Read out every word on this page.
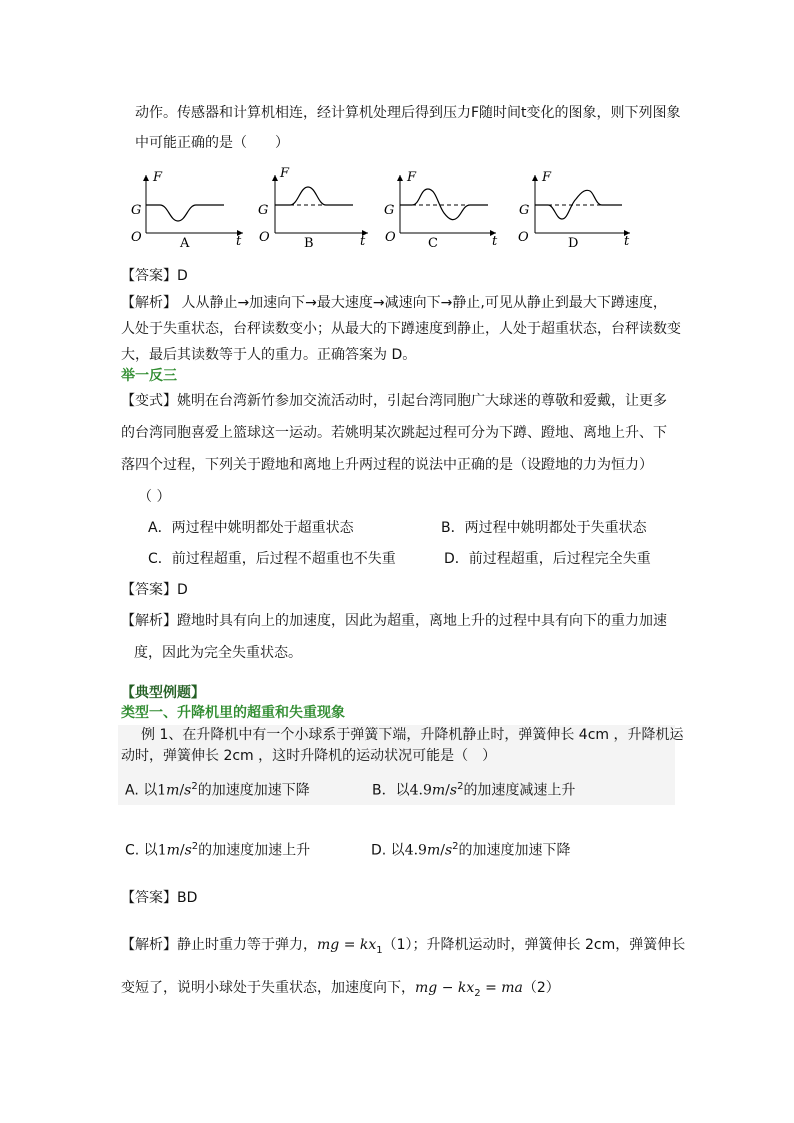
动作。传感器和计算机相连，经计算机处理后得到压力F随时间t变化的图象，则下列图象
中可能正确的是（　　）
F
G
O	t
A
F
G
O	t
B
F
G
O	t
C
F
G
O	t
D
【答案】D
【解析】 人从静止→加速向下→最大速度→减速向下→静止,可见从静止到最大下蹲速度，
人处于失重状态，台秤读数变小；从最大的下蹲速度到静止，人处于超重状态，台秤读数变
大，最后其读数等于人的重力。正确答案为 D。
举一反三
【变式】姚明在台湾新竹参加交流活动时，引起台湾同胞广大球迷的尊敬和爱戴，让更多
的台湾同胞喜爱上篮球这一运动。若姚明某次跳起过程可分为下蹲、蹬地、离地上升、下
落四个过程，下列关于蹬地和离地上升两过程的说法中正确的是（设蹬地的力为恒力）
（ ）
A．两过程中姚明都处于超重状态	B．两过程中姚明都处于失重状态
C．前过程超重，后过程不超重也不失重	D．前过程超重，后过程完全失重
【答案】D
【解析】蹬地时具有向上的加速度，因此为超重，离地上升的过程中具有向下的重力加速
度，因此为完全失重状态。
【典型例题】
类型一、升降机里的超重和失重现象
例 1、在升降机中有一个小球系于弹簧下端，升降机静止时，弹簧伸长 4cm ，升降机运
动时，弹簧伸长 2cm ，这时升降机的运动状况可能是（　）
A. 以$1m/s^2$的加速度加速下降	B．以$4.9m/s^2$的加速度减速上升
C. 以$1m/s^2$的加速度加速上升	D. 以$4.9m/s^2$的加速度加速下降
【答案】BD
【解析】静止时重力等于弹力，mg = $kx_1(1)$；升降机运动时，弹簧伸长 2cm，弹簧伸长
变短了，说明小球处于失重状态，加速度向下，mg − $kx_2 = ma(2)$
